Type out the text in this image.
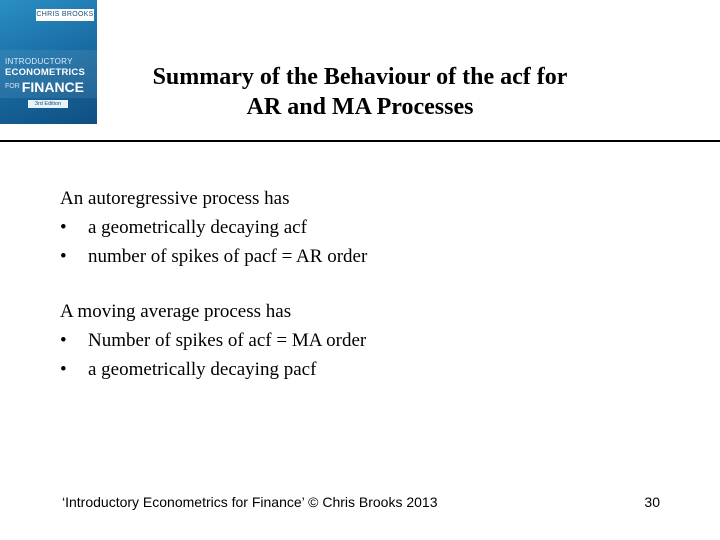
CHRIS BROOKS
INTRODUCTORY
ECONOMETRICS
FOR FINANCE
3rd Edition
Summary of the Behaviour of the acf for
AR and MA Processes
An autoregressive process has
•	a geometrically decaying acf
•	number of spikes of pacf = AR order
A moving average process has
•	Number of spikes of acf = MA order
•	a geometrically decaying pacf
‘Introductory Econometrics for Finance’ © Chris Brooks 2013	30
